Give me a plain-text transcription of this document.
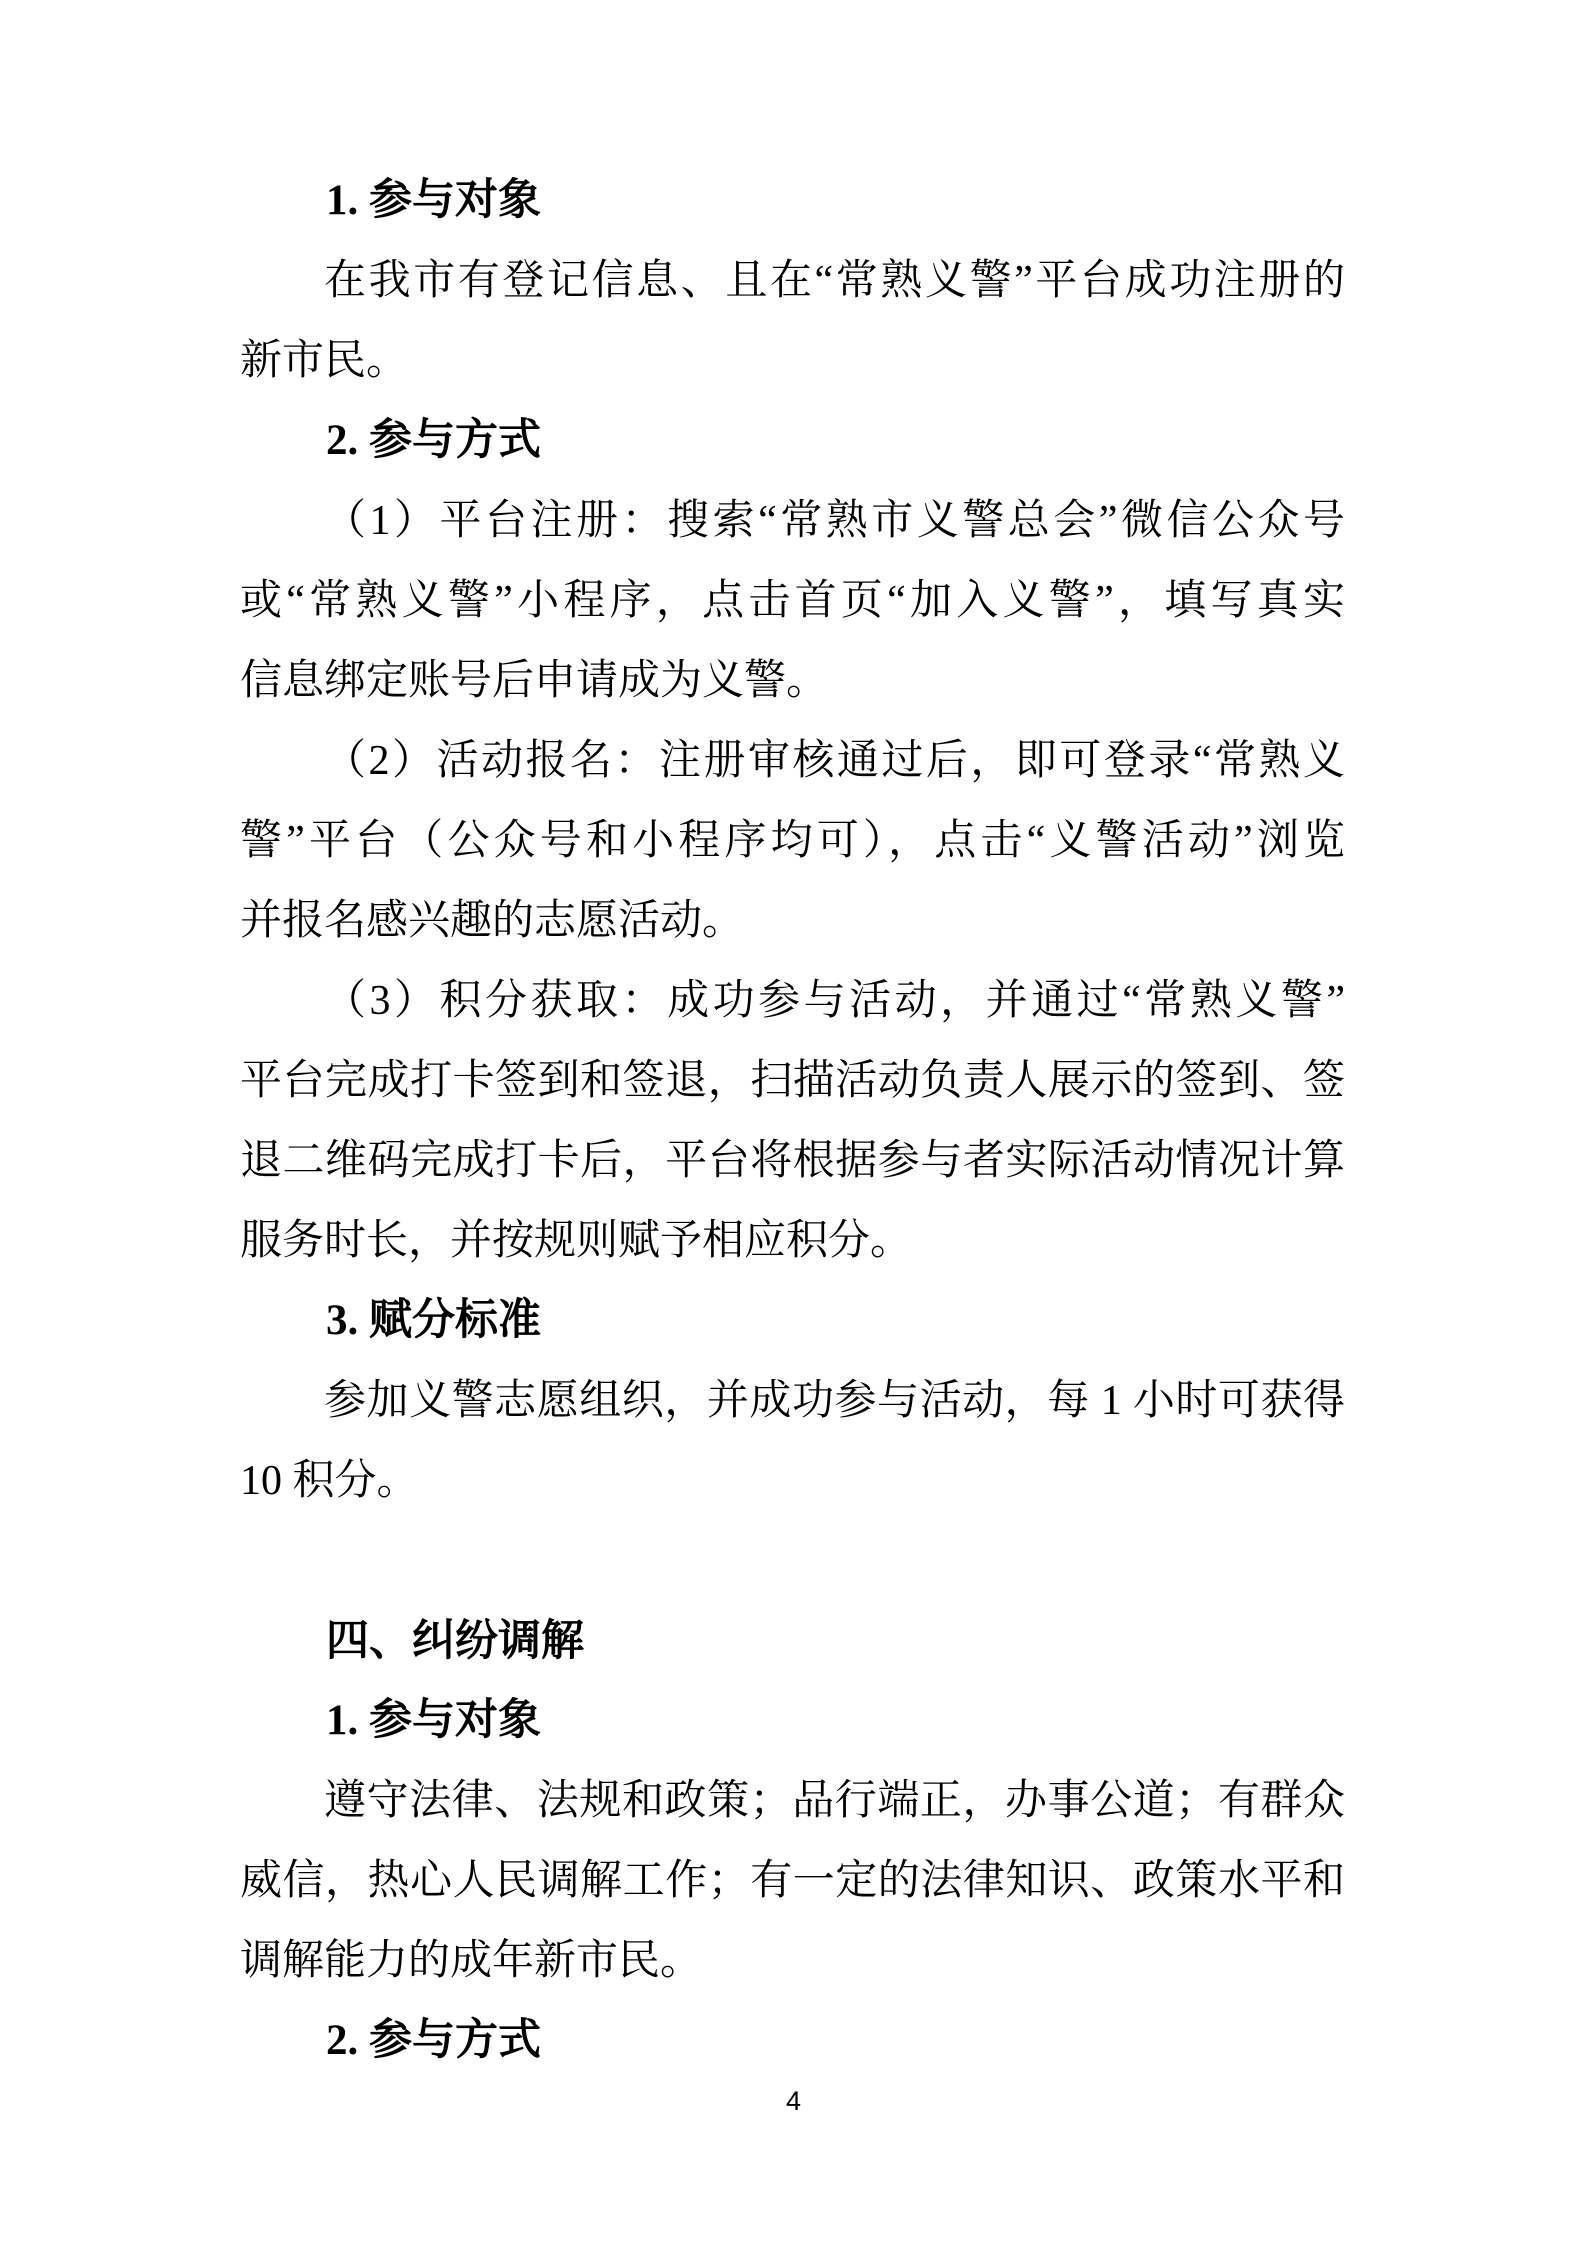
1. 参与对象
在我市有登记信息、且在“常熟义警”平台成功注册的
新市民。
2. 参与方式
（1）平台注册：搜索“常熟市义警总会”微信公众号
或“常熟义警”小程序，点击首页“加入义警”，填写真实
信息绑定账号后申请成为义警。
（2）活动报名：注册审核通过后，即可登录“常熟义
警”平台（公众号和小程序均可），点击“义警活动”浏览
并报名感兴趣的志愿活动。
（3）积分获取：成功参与活动，并通过“常熟义警”
平台完成打卡签到和签退，扫描活动负责人展示的签到、签
退二维码完成打卡后，平台将根据参与者实际活动情况计算
服务时长，并按规则赋予相应积分。
3. 赋分标准
参加义警志愿组织，并成功参与活动，每 1 小时可获得
10 积分。
四、纠纷调解
1. 参与对象
遵守法律、法规和政策；品行端正，办事公道；有群众
威信，热心人民调解工作；有一定的法律知识、政策水平和
调解能力的成年新市民。
2. 参与方式
4
